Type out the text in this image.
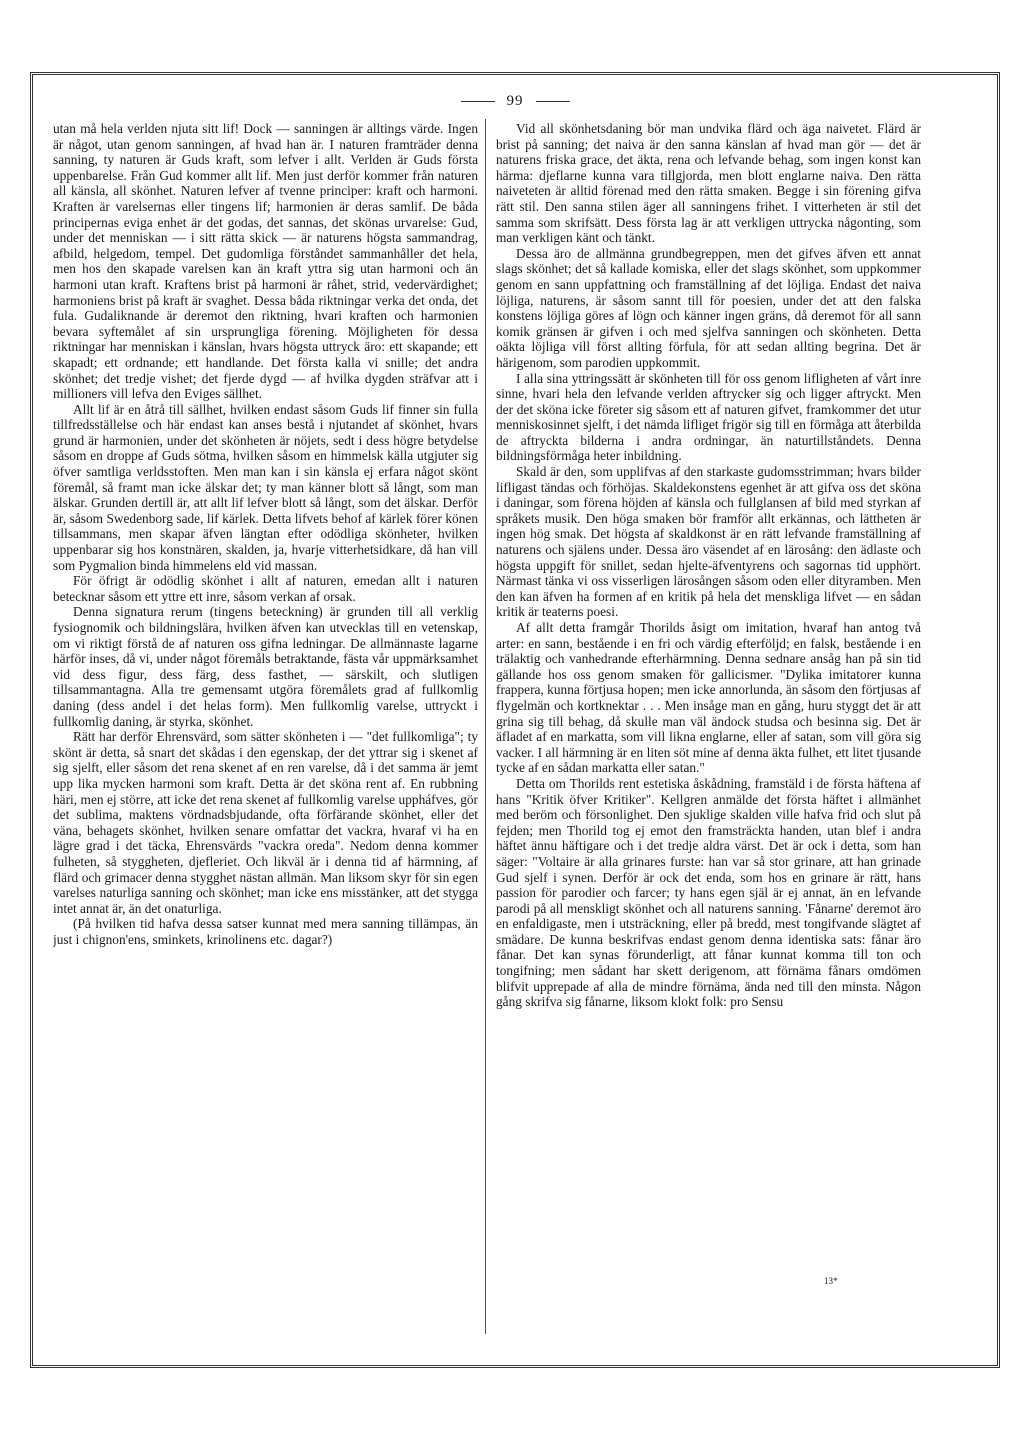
99

utan må hela verlden njuta sitt lif! Dock — sanningen är alltings värde. Ingen är något, utan genom sanningen, af hvad han är. I naturen framträder denna sanning, ty naturen är Guds kraft, som lefver i allt. Verlden är Guds första uppenbarelse. Från Gud kommer allt lif. Men just derför kommer från naturen all känsla, all skönhet. Naturen lefver af tvenne principer: kraft och harmoni. Kraften är varelsernas eller tingens lif; harmonien är deras samlif. De båda principernas eviga enhet är det godas, det sannas, det skönas urvarelse: Gud, under det menniskan — i sitt rätta skick — är naturens högsta sammandrag, afbild, helgedom, tempel. Det gudomliga förståndet sammanhåller det hela, men hos den skapade varelsen kan än kraft yttra sig utan harmoni och än harmoni utan kraft. Kraftens brist på harmoni är råhet, strid, vedervärdighet; harmoniens brist på kraft är svaghet. Dessa båda riktningar verka det onda, det fula. Gudaliknande är deremot den riktning, hvari kraften och harmonien bevara syftemålet af sin ursprungliga förening. Möjligheten för dessa riktningar har menniskan i känslan, hvars högsta uttryck äro: ett skapande; ett skapadt; ett ordnande; ett handlande. Det första kalla vi snille; det andra skönhet; det tredje vishet; det fjerde dygd — af hvilka dygden sträfvar att i millioners vill lefva den Eviges sällhet.

Allt lif är en åtrå till sällhet, hvilken endast såsom Guds lif finner sin fulla tillfredsställelse och här endast kan anses bestå i njutandet af skönhet, hvars grund är harmonien, under det skönheten är nöjets, sedt i dess högre betydelse såsom en droppe af Guds sötma, hvilken såsom en himmelsk källa utgjuter sig öfver samtliga verldsstoften. Men man kan i sin känsla ej erfara något skönt föremål, så framt man icke älskar det; ty man känner blott så långt, som man älskar. Grunden dertill är, att allt lif lefver blott så långt, som det älskar. Derför är, såsom Swedenborg sade, lif kärlek. Detta lifvets behof af kärlek förer könen tillsammans, men skapar äfven längtan efter odödliga skönheter, hvilken uppenbarar sig hos konstnären, skalden, ja, hvarje vitterhetsidkare, då han vill som Pygmalion binda himmelens eld vid massan.

För öfrigt är odödlig skönhet i allt af naturen, emedan allt i naturen betecknar såsom ett yttre ett inre, såsom verkan af orsak.

Denna signatura rerum (tingens beteckning) är grunden till all verklig fysiognomik och bildningslära, hvilken äfven kan utvecklas till en vetenskap, om vi riktigt förstå de af naturen oss gifna ledningar. De allmännaste lagarne härför inses, då vi, under något föremåls betraktande, fästa vår uppmärksamhet vid dess figur, dess färg, dess fasthet, — särskilt, och slutligen tillsammantagna. Alla tre gemensamt utgöra föremålets grad af fullkomlig daning (dess andel i det helas form). Men fullkomlig varelse, uttryckt i fullkomlig daning, är styrka, skönhet.

Rätt har derför Ehrensvärd, som sätter skönheten i — "det fullkomliga"; ty skönt är detta, så snart det skådas i den egenskap, der det yttrar sig i skenet af sig sjelft, eller såsom det rena skenet af en ren varelse, då i det samma är jemt upp lika mycken harmoni som kraft. Detta är det sköna rent af. En rubbning häri, men ej större, att icke det rena skenet af fullkomlig varelse uppháfves, gör det sublima, maktens vördnadsbjudande, ofta förfärande skönhet, eller det väna, behagets skönhet, hvilken senare omfattar det vackra, hvaraf vi ha en lägre grad i det täcka, Ehrensvärds "vackra oreda". Nedom denna kommer fulheten, så styggheten, djefleriet. Och likväl är i denna tid af härmning, af flärd och grimacer denna stygghet nästan allmän. Man liksom skyr för sin egen varelses naturliga sanning och skönhet; man icke ens misstänker, att det stygga intet annat är, än det onaturliga.

(På hvilken tid hafva dessa satser kunnat med mera sanning tillämpas, än just i chignon'ens, sminkets, krinolinens etc. dagar?)

Vid all skönhetsdaning bör man undvika flärd och äga naivetet. Flärd är brist på sanning; det naiva är den sanna känslan af hvad man gör — det är naturens friska grace, det äkta, rena och lefvande behag, som ingen konst kan härma: djeflarne kunna vara tillgjorda, men blott englarne naiva. Den rätta naiveteten är alltid förenad med den rätta smaken. Begge i sin förening gifva rätt stil. Den sanna stilen äger all sanningens frihet. I vitterheten är stil det samma som skrifsätt. Dess första lag är att verkligen uttrycka någonting, som man verkligen känt och tänkt.

Dessa äro de allmänna grundbegreppen, men det gifves äfven ett annat slags skönhet; det så kallade komiska, eller det slags skönhet, som uppkommer genom en sann uppfattning och framställning af det löjliga. Endast det naiva löjliga, naturens, är såsom sannt till för poesien, under det att den falska konstens löjliga göres af lögn och känner ingen gräns, då deremot för all sann komik gränsen är gifven i och med sjelfva sanningen och skönheten. Detta oäkta löjliga vill först allting förfula, för att sedan allting begrina. Det är härigenom, som parodien uppkommit.

I alla sina yttringssätt är skönheten till för oss genom lifligheten af vårt inre sinne, hvari hela den lefvande verlden aftrycker sig och ligger aftryckt. Men der det sköna icke företer sig såsom ett af naturen gifvet, framkommer det utur menniskosinnet sjelft, i det nämda lifliget frigör sig till en förmåga att återbilda de aftryckta bilderna i andra ordningar, än naturtillståndets. Denna bildningsförmåga heter inbildning.

Skald är den, som upplifvas af den starkaste gudomsstrimman; hvars bilder lifligast tändas och förhöjas. Skaldekonstens egenhet är att gifva oss det sköna i daningar, som förena höjden af känsla och fullglansen af bild med styrkan af språkets musik. Den höga smaken bör framför allt erkännas, och lättheten är ingen hög smak. Det högsta af skaldkonst är en rätt lefvande framställning af naturens och själens under. Dessa äro väsendet af en lärosång: den ädlaste och högsta uppgift för snillet, sedan hjelte-äfventyrens och sagornas tid upphört. Närmast tänka vi oss visserligen lärosången såsom oden eller dityramben. Men den kan äfven ha formen af en kritik på hela det menskliga lifvet — en sådan kritik är teaterns poesi.

Af allt detta framgår Thorilds åsigt om imitation, hvaraf han antog två arter: en sann, bestående i en fri och värdig efterföljd; en falsk, bestående i en trälaktig och vanhedrande efterhärmning. Denna sednare ansåg han på sin tid gällande hos oss genom smaken för gallicismer. "Dylika imitatorer kunna frappera, kunna förtjusa hopen; men icke annorlunda, än såsom den förtjusas af flygelmän och kortknektar . . . Men insåge man en gång, huru styggt det är att grina sig till behag, då skulle man väl ändock studsa och besinna sig. Det är äfladet af en markatta, som vill likna englarne, eller af satan, som vill göra sig vacker. I all härmning är en liten söt mine af denna äkta fulhet, ett litet tjusande tycke af en sådan markatta eller satan."

Detta om Thorilds rent estetiska åskådning, framstäld i de första häftena af hans "Kritik öfver Kritiker". Kellgren anmälde det första häftet i allmänhet med beröm och försonlighet. Den sjuklige skalden ville hafva frid och slut på fejden; men Thorild tog ej emot den framsträckta handen, utan blef i andra häftet ännu häftigare och i det tredje aldra värst. Det är ock i detta, som han säger: "Voltaire är alla grinares furste: han var så stor grinare, att han grinade Gud sjelf i synen. Derför är ock det enda, som hos en grinare är rätt, hans passion för parodier och farcer; ty hans egen själ är ej annat, än en lefvande parodi på all menskligt skönhet och all naturens sanning. 'Fånarne' deremot äro en enfaldigaste, men i utsträckning, eller på bredd, mest tongifvande slägtet af smädare. De kunna beskrifvas endast genom denna identiska sats: fånar äro fånar. Det kan synas förunderligt, att fånar kunnat komma till ton och tongifning; men sådant har skett derigenom, att förnäma fånars omdömen blifvit upprepade af alla de mindre förnäma, ända ned till den minsta. Någon gång skrifva sig fånarne, liksom klokt folk: pro Sensu

13*
